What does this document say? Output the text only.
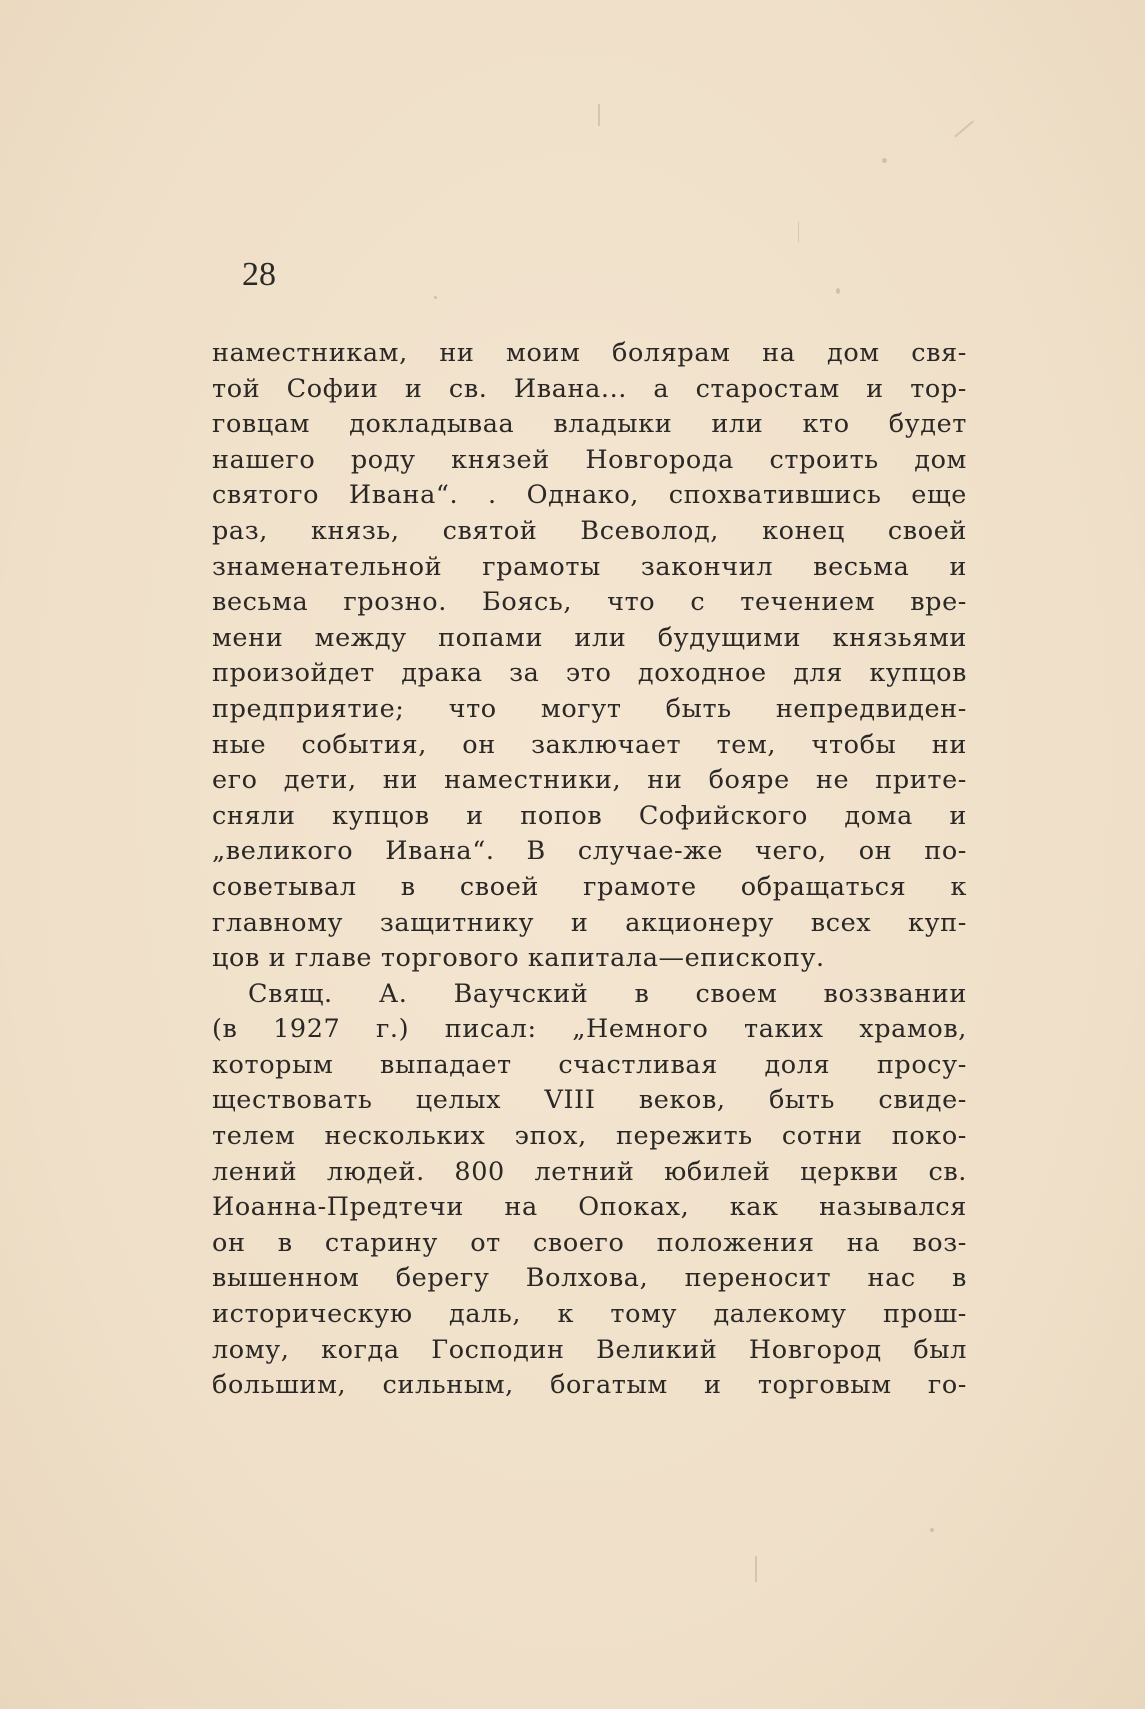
28
наместникам, ни моим болярам на дом свя-
той Софии и св. Ивана... а старостам и тор-
говцам докладываа владыки или кто будет
нашего роду князей Новгорода строить дом
святого Ивана“. . Однако, спохватившись еще
раз, князь, святой Всеволод, конец своей
знаменательной грамоты закончил весьма и
весьма грозно. Боясь, что с течением вре-
мени между попами или будущими князьями
произойдет драка за это доходное для купцов
предприятие; что могут быть непредвиден-
ные события, он заключает тем, чтобы ни
его дети, ни наместники, ни бояре не прите-
сняли купцов и попов Софийского дома и
„великого Ивана“. В случае-же чего, он по-
советывал в своей грамоте обращаться к
главному защитнику и акционеру всех куп-
цов и главе торгового капитала—епископу.
Свящ. А. Ваучский в своем воззвании
(в 1927 г.) писал: „Немного таких храмов,
которым выпадает счастливая доля просу-
ществовать целых VIII веков, быть свиде-
телем нескольких эпох, пережить сотни поко-
лений людей. 800 летний юбилей церкви св.
Иоанна-Предтечи на Опоках, как назывался
он в старину от своего положения на воз-
вышенном берегу Волхова, переносит нас в
историческую даль, к тому далекому прош-
лому, когда Господин Великий Новгород был
большим, сильным, богатым и торговым го-
